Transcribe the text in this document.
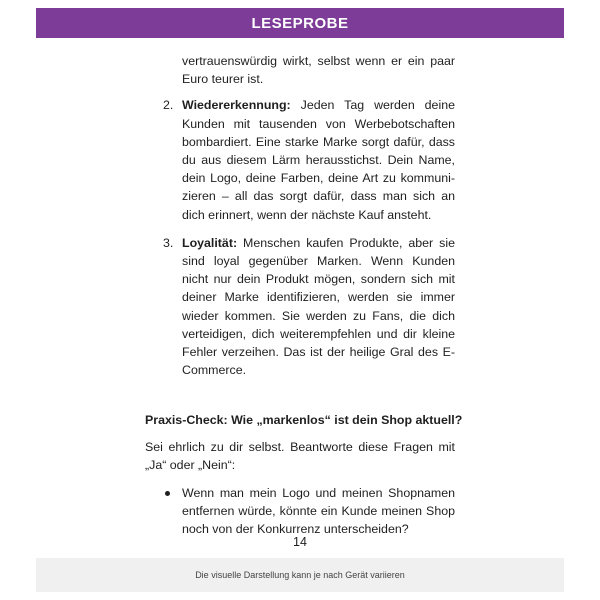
LESEPROBE
vertrauenswürdig wirkt, selbst wenn er ein paar Euro teurer ist.
2. Wiedererkennung: Jeden Tag werden deine Kunden mit tausenden von Werbebotschaften bombardiert. Eine starke Marke sorgt dafür, dass du aus diesem Lärm herausstichst. Dein Name, dein Logo, deine Farben, deine Art zu kommunizieren – all das sorgt dafür, dass man sich an dich erinnert, wenn der nächste Kauf ansteht.
3. Loyalität: Menschen kaufen Produkte, aber sie sind loyal gegenüber Marken. Wenn Kunden nicht nur dein Produkt mögen, sondern sich mit deiner Marke identifizieren, werden sie immer wieder kommen. Sie werden zu Fans, die dich verteidigen, dich weiterempfehlen und dir kleine Fehler verzeihen. Das ist der heilige Gral des E-Commerce.
Praxis-Check: Wie „markenlos“ ist dein Shop aktuell?
Sei ehrlich zu dir selbst. Beantworte diese Fragen mit „Ja“ oder „Nein“:
Wenn man mein Logo und meinen Shopnamen entfernen würde, könnte ein Kunde meinen Shop noch von der Konkurrenz unterscheiden?
14
Die visuelle Darstellung kann je nach Gerät variieren
